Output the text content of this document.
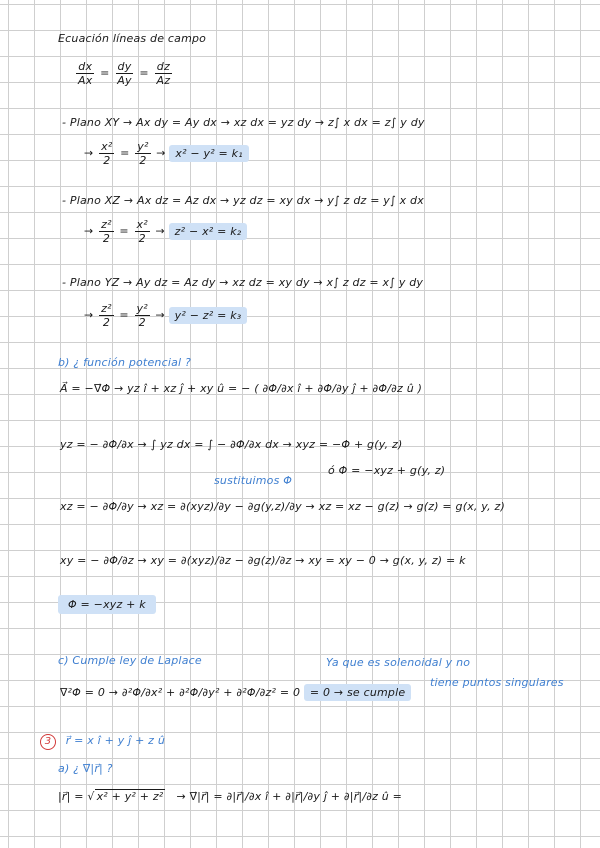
Ecuación líneas de campo
$\frac{dx}{Ax} = \frac{dy}{Ay} = \frac{dz}{Az}$
- Plano XY → Ax dy = Ay dx → xz dx = yz dy → z∫ x dx = z∫ y dy
→ $\frac{\text{x²}}{2} = \frac{\text{y²}}{2} \to x^2 - y^2 = k_1$
- Plano XZ → Ax dz = Az dx → yz dz = xy dx → y∫ z dz = y∫ x dx
→ $\frac{\text{z²}}{2} = \frac{\text{x²}}{2} \to z^2 - x^2 = k_2$
- Plano YZ → Ay dz = Az dy → xz dz = xy dy → x∫ z dz = x∫ y dy
→ $\frac{\text{z²}}{2} = \frac{\text{y²}}{2} \to y^2 - z^2 = k_3$
b) ¿ función potencial ?
A⃗ = −∇⃗Φ → yz î + xz ĵ + xy û = − ( ∂Φ/∂x î + ∂Φ/∂y ĵ + ∂Φ/∂z û )
yz = − ∂Φ/∂x → ∫ yz dx = ∫ − ∂Φ/∂x dx → xyz = −Φ + g(y, z)
ó Φ = −xyz + g(y, z)
sustituimos Φ
xz = − ∂Φ/∂y → xz = ∂(xyz)/∂y − ∂g(y,z)/∂y → xz = xz − g(z) → g(z) = g(x, y, z)
xy = − ∂Φ/∂z → xy = ∂(xyz)/∂z − ∂g(z)/∂z → xy = xy − 0 → g(x, y, z) = k
Φ = −xyz + k
c) Cumple ley de Laplace	Ya que es solenoidal y no
tiene puntos singulares
∇²Φ = 0 → ∂²Φ/∂x² + ∂²Φ/∂y² + ∂²Φ/∂z² = 0 = 0 → se cumple
3 r⃗ = x î + y ĵ + z û
a) ¿ ∇⃗|r⃗| ?
|r⃗| = √ x² + y² + z² → ∇⃗|r⃗| = ∂|r⃗|/∂x î + ∂|r⃗|/∂y ĵ + ∂|r⃗|/∂z û =
